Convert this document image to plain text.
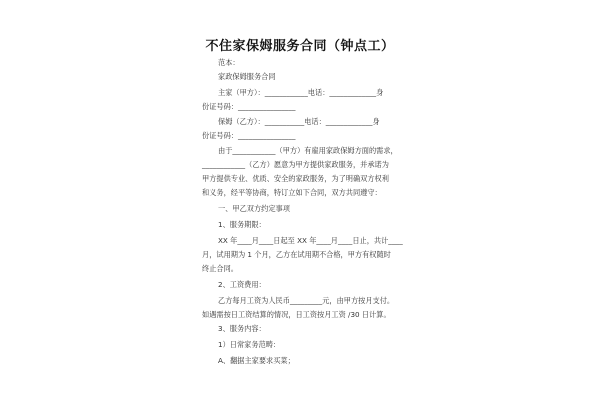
不住家保姆服务合同（钟点工）
范本：
家政保姆服务合同
主家（甲方）：____________电话：_____________身
份证号码：________________
保姆（乙方）：___________电话：_____________身
份证号码：________________
由于____________（甲方）有雇用家政保姆方面的需求，
____________（乙方）愿意为甲方提供家政服务，并承诺为
甲方提供专业、优质、安全的家政服务，为了明确双方权利
和义务，经平等协商，特订立如下合同，双方共同遵守：
一、甲乙双方约定事项
1、服务期限：
XX 年____月____日起至 XX 年____月____日止，共计____
月，试用期为 1 个月，乙方在试用期不合格，甲方有权随时
终止合同。
2、工资费用：
乙方每月工资为人民币_________元，由甲方按月支付。
如遇需按日工资结算的情况，日工资按月工资 /30 日计算。
3、服务内容：
1）日常家务范畴：
A、翻据主家要求买菜；
